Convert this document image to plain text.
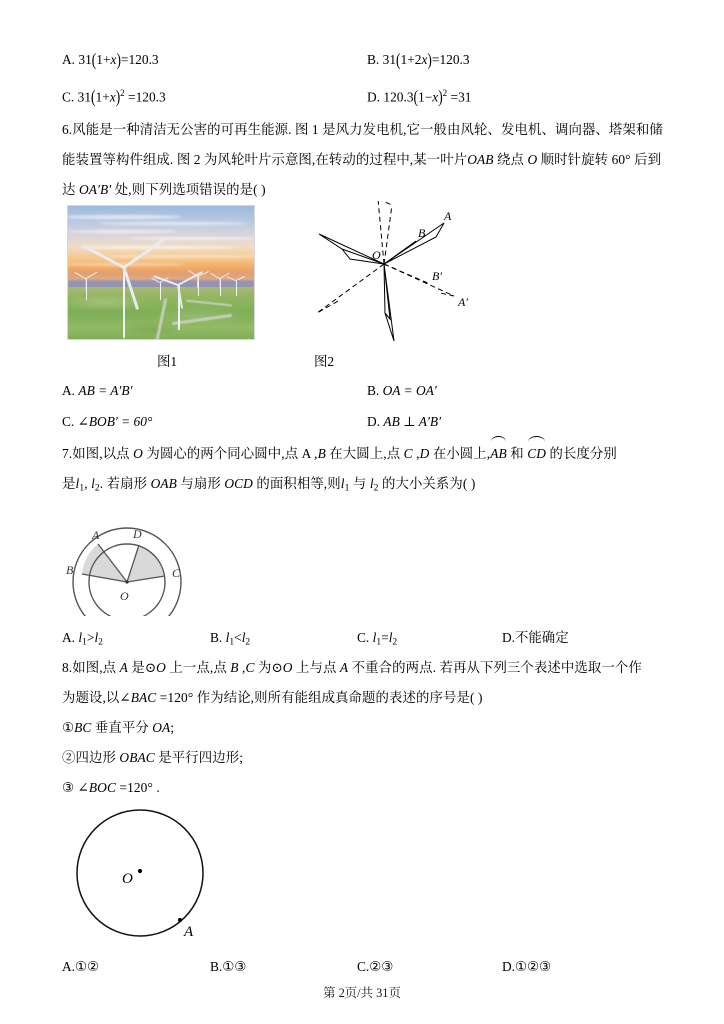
A. 31(1+x)=120.3	B. 31(1+2x)=120.3
C. $31(1+x)^2 =120.3$	D. $120.3(1-x)^2 =31$
6.风能是一种清洁无公害的可再生能源. 图 1 是风力发电机,它一般由风轮、发电机、调向器、塔架和储
能装置等构件组成. 图 2 为风轮叶片示意图,在转动的过程中,某一叶片OAB 绕点 O 顺时针旋转 60° 后到
达 OA′B′ 处,则下列选项错误的是( )
A
B
O
B′
A′
图1	图2
A. AB = A′B′	B. OA = OA′
C. ∠BOB′ = 60°	D. AB ⊥ A′B′
7.如图,以点 O 为圆心的两个同心圆中,点 A ,B 在大圆上,点 C ,D 在小圆上,AB 和 CD 的长度分别
是$l_1$, $l_2$. 若扇形 OAB 与扇形 OCD 的面积相等,则$l_1$ 与 $l_2$ 的大小关系为( )
A
B
D
C
O
A. $l_1>l_2$	B. $l_1<l_2$	C. $l_1=l_2$	D.不能确定
8.如图,点 A 是⊙O 上一点,点 B ,C 为⊙O 上与点 A 不重合的两点. 若再从下列三个表述中选取一个作
为题设,以∠BAC =120° 作为结论,则所有能组成真命题的表述的序号是( )
①BC 垂直平分 OA;
②四边形 OBAC 是平行四边形;
③ ∠BOC =120° .
O
A
A.①②	B.①③	C.②③	D.①②③
第 2页/共 31页
